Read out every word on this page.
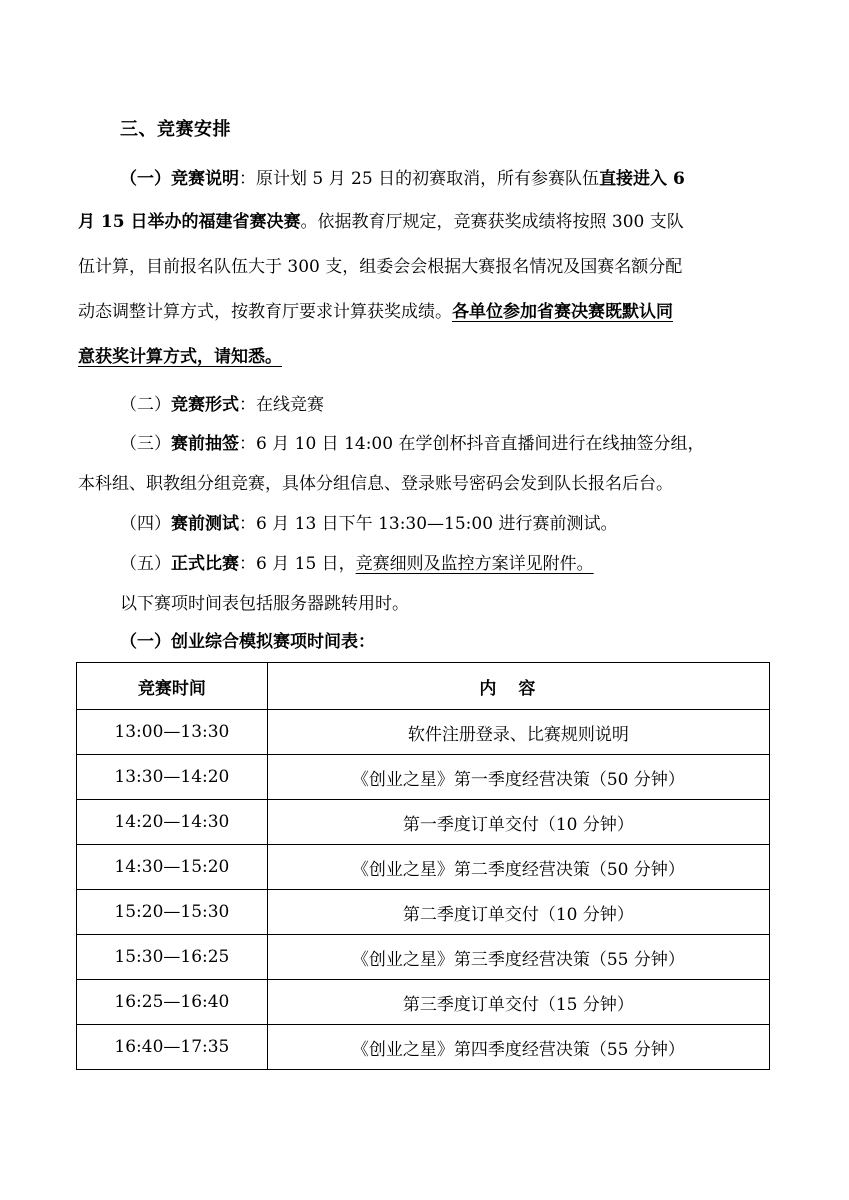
三、竞赛安排
（一）竞赛说明：原计划 5 月 25 日的初赛取消，所有参赛队伍直接进入 6
月 15 日举办的福建省赛决赛。依据教育厅规定，竞赛获奖成绩将按照 300 支队
伍计算，目前报名队伍大于 300 支，组委会会根据大赛报名情况及国赛名额分配
动态调整计算方式，按教育厅要求计算获奖成绩。各单位参加省赛决赛既默认同
意获奖计算方式，请知悉。
（二）竞赛形式：在线竞赛
（三）赛前抽签：6 月 10 日 14:00 在学创杯抖音直播间进行在线抽签分组，
本科组、职教组分组竞赛，具体分组信息、登录账号密码会发到队长报名后台。
（四）赛前测试：6 月 13 日下午 13:30—15:00 进行赛前测试。
（五）正式比赛：6 月 15 日，竞赛细则及监控方案详见附件。
以下赛项时间表包括服务器跳转用时。
（一）创业综合模拟赛项时间表：
竞赛时间	内容
13:00—13:30	软件注册登录、比赛规则说明
13:30—14:20	《创业之星》第一季度经营决策（50 分钟）
14:20—14:30	第一季度订单交付（10 分钟）
14:30—15:20	《创业之星》第二季度经营决策（50 分钟）
15:20—15:30	第二季度订单交付（10 分钟）
15:30—16:25	《创业之星》第三季度经营决策（55 分钟）
16:25—16:40	第三季度订单交付（15 分钟）
16:40—17:35	《创业之星》第四季度经营决策（55 分钟）
